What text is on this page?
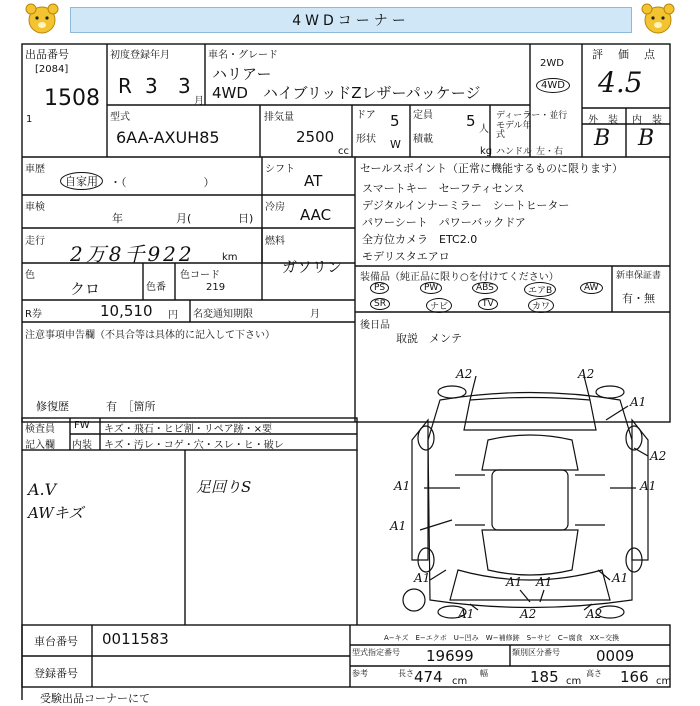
4WDコーナー
出品番号
[2084]
1508
1
初度登録年月
R 3 3
月
車名・グレード
ハリアー
4WD　ハイブリッドZレザーパッケージ
2WD
4WD
評　価　点
4.5
外　装 内　装
B B
型式
6AA-AXUH85
排気量
2500
cc
ドア 5
形状 W
定員 5 人
積載
kg
ディーラー・並行
モデル年式
ハンドル 左・右
車歴
自家用	・（　　　　　　　）
シフト
AT
車検
年	月(	日)
冷房 AAC
走行
2万8千922	km
燃料
ガソリン
色
クロ	色番
色コード
219
R券	10,510 円 名変通知期限	月
セールスポイント（正常に機能するものに限ります）
スマートキー　セーフティセンス
デジタルインナーミラー　シートヒーター
パワーシート　パワーバックドア
全方位カメラ　ETC2.0
モデリスタエアロ
装備品（純正品に限り○を付けてください）
PS	PW	ABS	エアB	AW
SR	ナビ	TV	カワ
新車保証書
有・無
後日品
取説　メンテ
注意事項申告欄（不具合等は具体的に記入して下さい）
修復歴	有　［箇所
検査員
記入欄
FW キズ・飛石・ヒビ割・リペア跡・×要
内装 キズ・汚レ・コゲ・穴・スレ・ヒ・破レ
A.V
AWキズ
足回りS
A2	A2
A1
A2
A1	A1
A1
A1	A1
A1 A1
A1	A2	A2
A−キズ　E−エクボ　U−凹み　W−補修跡　S−サビ　C−腐食　XX−交換
車台番号 0011583
登録番号
型式指定番号 19699	類別区分番号 0009
参考	長さ 474 cm
幅	185 cm
高さ 166 cm
受験出品コーナーにて
